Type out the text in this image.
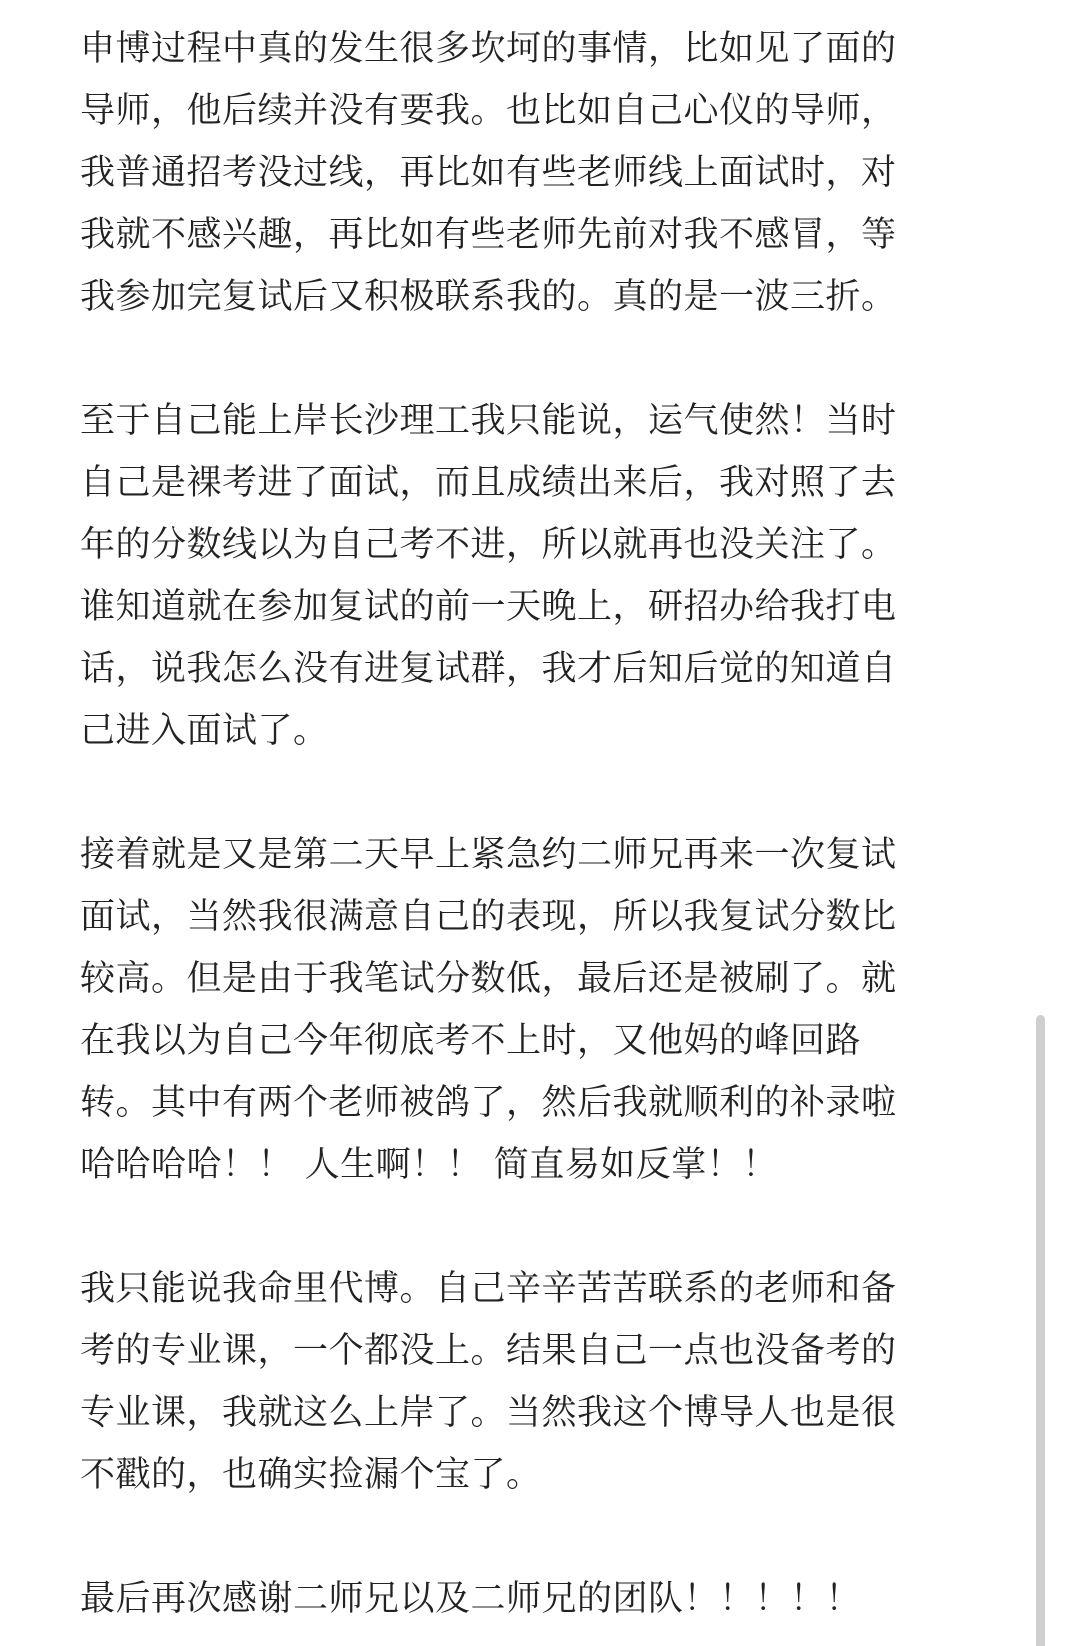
申博过程中真的发生很多坎坷的事情，比如见了面的
导师，他后续并没有要我。也比如自己心仪的导师，
我普通招考没过线，再比如有些老师线上面试时，对
我就不感兴趣，再比如有些老师先前对我不感冒，等
我参加完复试后又积极联系我的。真的是一波三折。

至于自己能上岸长沙理工我只能说，运气使然！当时
自己是裸考进了面试，而且成绩出来后，我对照了去
年的分数线以为自己考不进，所以就再也没关注了。
谁知道就在参加复试的前一天晚上，研招办给我打电
话，说我怎么没有进复试群，我才后知后觉的知道自
己进入面试了。

接着就是又是第二天早上紧急约二师兄再来一次复试
面试，当然我很满意自己的表现，所以我复试分数比
较高。但是由于我笔试分数低，最后还是被刷了。就
在我以为自己今年彻底考不上时，又他妈的峰回路
转。其中有两个老师被鸽了，然后我就顺利的补录啦
哈哈哈哈！！ 人生啊！！ 简直易如反掌！！

我只能说我命里代博。自己辛辛苦苦联系的老师和备
考的专业课，一个都没上。结果自己一点也没备考的
专业课，我就这么上岸了。当然我这个博导人也是很
不戳的，也确实捡漏个宝了。

最后再次感谢二师兄以及二师兄的团队！！！！！
